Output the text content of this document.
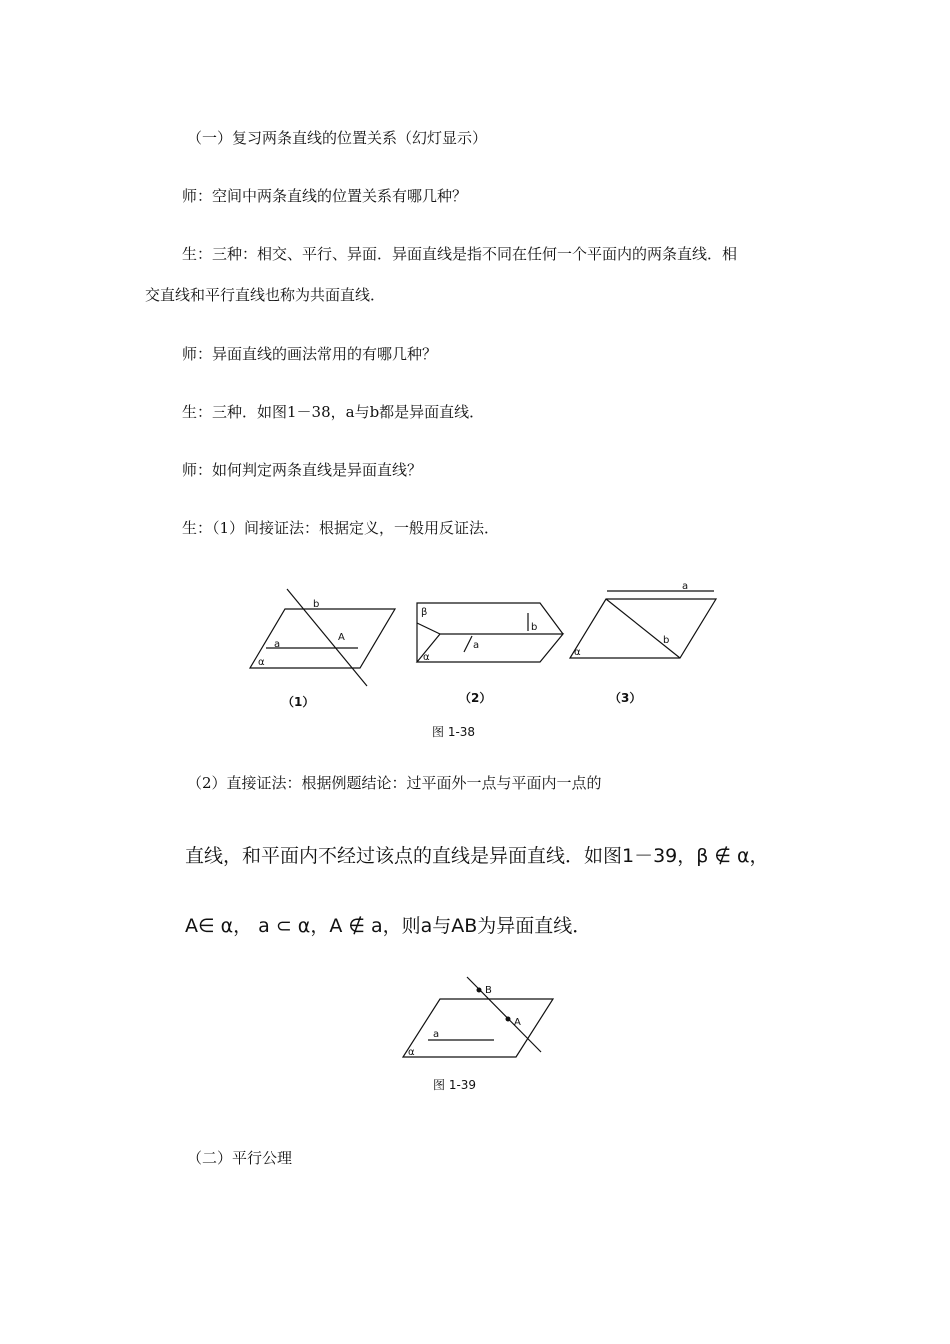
（一）复习两条直线的位置关系（幻灯显示）
师：空间中两条直线的位置关系有哪几种？
生：三种：相交、平行、异面．异面直线是指不同在任何一个平面内的两条直线．相
交直线和平行直线也称为共面直线．
师：异面直线的画法常用的有哪几种？
生：三种．如图1－38，a与b都是异面直线．
师：如何判定两条直线是异面直线？
生：（1）间接证法：根据定义，一般用反证法．
b
A
a
α
β
b
a
α
a
b
α
（1）	（2）	（3）
图 1-38
（2）直接证法：根据例题结论：过平面外一点与平面内一点的
直线，和平面内不经过该点的直线是异面直线．如图1－39，β ∉ α，
A∈ α， a ⊂ α，A ∉ a，则a与AB为异面直线．
B
A
a
α
图 1-39
（二）平行公理
